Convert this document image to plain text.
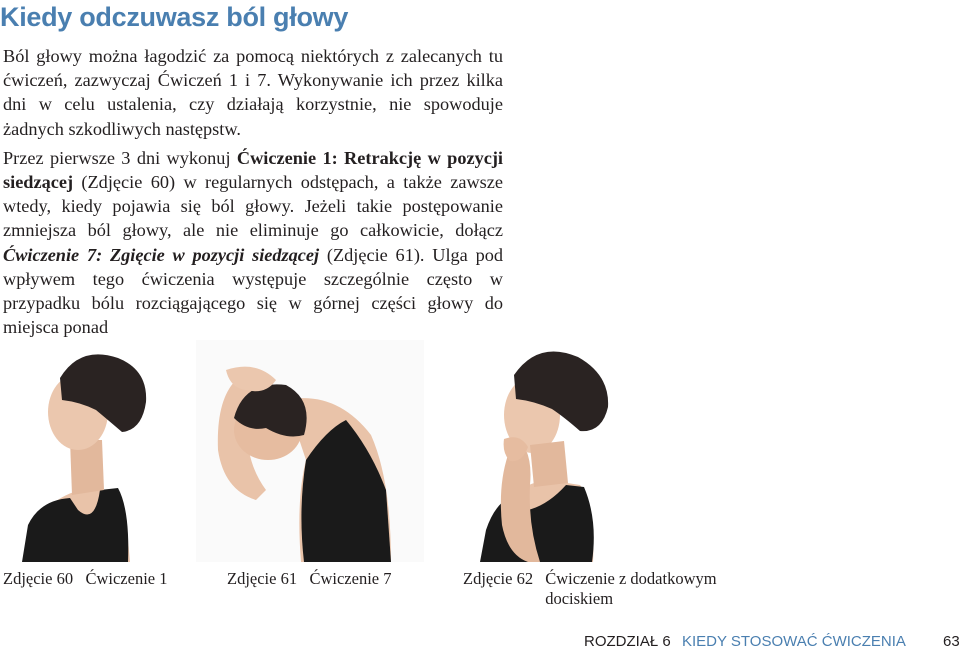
Kiedy odczuwasz ból głowy

Ból głowy można łagodzić za pomocą niektórych z zalecanych tu ćwiczeń, zazwyczaj Ćwiczeń 1 i 7. Wykonywanie ich przez kilka dni w celu ustalenia, czy działają korzystnie, nie spowoduje żadnych szkodliwych następstw.

Przez pierwsze 3 dni wykonuj Ćwiczenie 1: Retrakcję w pozycji siedzącej (Zdjęcie 60) w regularnych odstępach, a także zawsze wtedy, kiedy pojawia się ból głowy. Jeżeli takie postępowanie zmniejsza ból głowy, ale nie eliminuje go całkowicie, dołącz Ćwiczenie 7: Zgięcie w pozycji siedzącej (Zdjęcie 61). Ulga pod wpływem tego ćwiczenia występuje szczególnie często w przypadku bólu rozciągającego się w górnej części głowy do miejsca ponad

Zdjęcie 60 Ćwiczenie 1	Zdjęcie 61 Ćwiczenie 7	Zdjęcie 62 Ćwiczenie z dodatkowym dociskiem
ROZDZIAŁ 6 KIEDY STOSOWAĆ ĆWICZENIA 63
